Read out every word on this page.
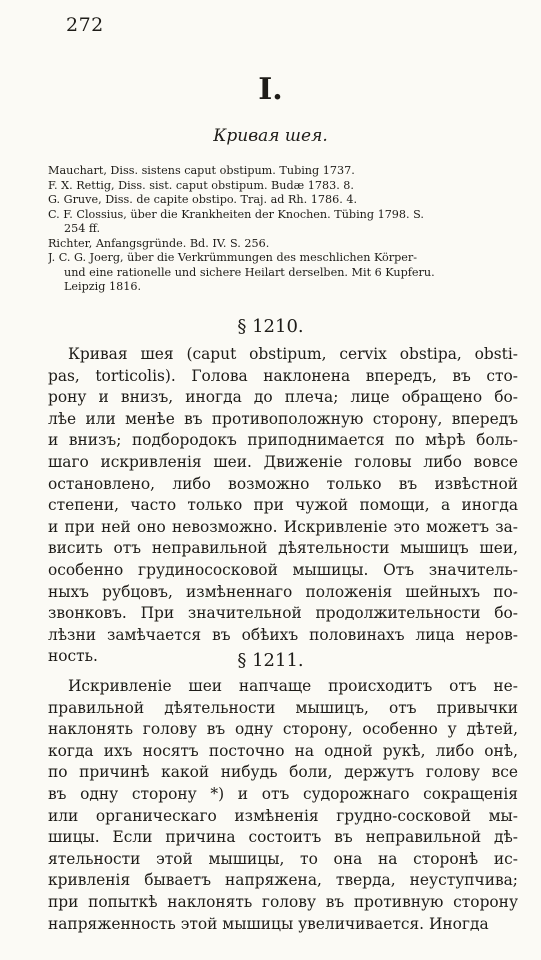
272
I.
Кривая шея.
Mauchart, Diss. sistens caput obstipum. Tubing 1737.
F. X. Rettig, Diss. sist. caput obstipum. Budæ 1783. 8.
G. Gruve, Diss. de capite obstipo. Traj. ad Rh. 1786. 4.
C. F. Clossius, über die Krankheiten der Knochen. Tübing 1798. S.
254 ff.
Richter, Anfangsgründe. Bd. IV. S. 256.
J. C. G. Joerg, über die Verkrümmungen des meschlichen Körper-
und eine rationelle und sichere Heilart derselben. Mit 6 Kupferu.
Leipzig 1816.
§ 1210.
Кривая шея (caput obstipum, cervix obstipa, obsti-
pas, torticolis). Голова наклонена впередъ, въ сто-
рону и внизъ, иногда до плеча; лице обращено бо-
лѣе или менѣе въ противоположную сторону, впередъ
и внизъ; подбородокъ приподнимается по мѣрѣ боль-
шаго искривленія шеи. Движеніе головы либо вовсе
остановлено, либо возможно только въ извѣстной
степени, часто только при чужой помощи, а иногда
и при ней оно невозможно. Искривленіе это можетъ за-
висить отъ неправильной дѣятельности мышицъ шеи,
особенно грудинососкoвой мышицы. Отъ значитель-
ныхъ рубцовъ, измѣненнаго положенія шейныхъ по-
звонковъ. При значительной продолжительности бо-
лѣзни замѣчается въ обѣихъ половинахъ лица неров-
ность.	§ 1211.
Искривленіе шеи напчаще происходитъ отъ не-
правильной дѣятельности мышицъ, отъ привычки
наклонять голову въ одну сторону, особенно у дѣтей,
когда ихъ носятъ посточно на одной рукѣ, либо онѣ,
по причинѣ какой нибудь боли, держутъ голову все
въ одну сторону *) и отъ судорожнаго сокращенія
или органическаго измѣненія грудно-сосковой мы-
шицы. Если причина состоитъ въ неправильной дѣ-
ятельности этой мышицы, то она на сторонѣ ис-
кривленія бываетъ напряжена, тверда, неуступчива;
при попыткѣ наклонять голову въ противную сторону
напряженность этой мышицы увеличивается. Иногда
